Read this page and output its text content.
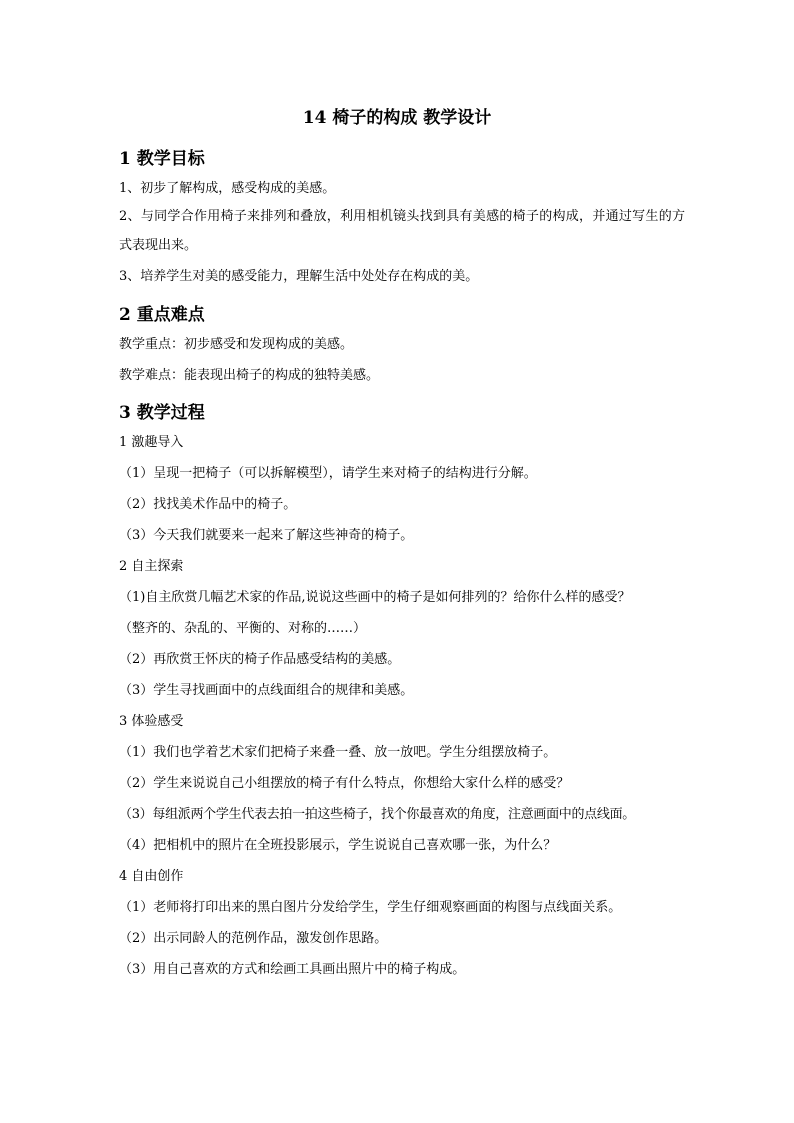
14 椅子的构成 教学设计
1 教学目标

1、初步了解构成，感受构成的美感。

2、与同学合作用椅子来排列和叠放，利用相机镜头找到具有美感的椅子的构成，并通过写生的方式表现出来。

3、培养学生对美的感受能力，理解生活中处处存在构成的美。

2 重点难点

教学重点：初步感受和发现构成的美感。

教学难点：能表现出椅子的构成的独特美感。

3 教学过程

1 激趣导入

（1）呈现一把椅子（可以拆解模型），请学生来对椅子的结构进行分解。

（2）找找美术作品中的椅子。

（3）今天我们就要来一起来了解这些神奇的椅子。

2 自主探索

（1)自主欣赏几幅艺术家的作品,说说这些画中的椅子是如何排列的？给你什么样的感受？

（整齐的、杂乱的、平衡的、对称的……）

（2）再欣赏王怀庆的椅子作品感受结构的美感。

（3）学生寻找画面中的点线面组合的规律和美感。

3 体验感受

（1）我们也学着艺术家们把椅子来叠一叠、放一放吧。学生分组摆放椅子。

（2）学生来说说自己小组摆放的椅子有什么特点，你想给大家什么样的感受？

（3）每组派两个学生代表去拍一拍这些椅子，找个你最喜欢的角度，注意画面中的点线面。

（4）把相机中的照片在全班投影展示，学生说说自己喜欢哪一张，为什么？

4 自由创作

（1）老师将打印出来的黑白图片分发给学生，学生仔细观察画面的构图与点线面关系。

（2）出示同龄人的范例作品，激发创作思路。

（3）用自己喜欢的方式和绘画工具画出照片中的椅子构成。
